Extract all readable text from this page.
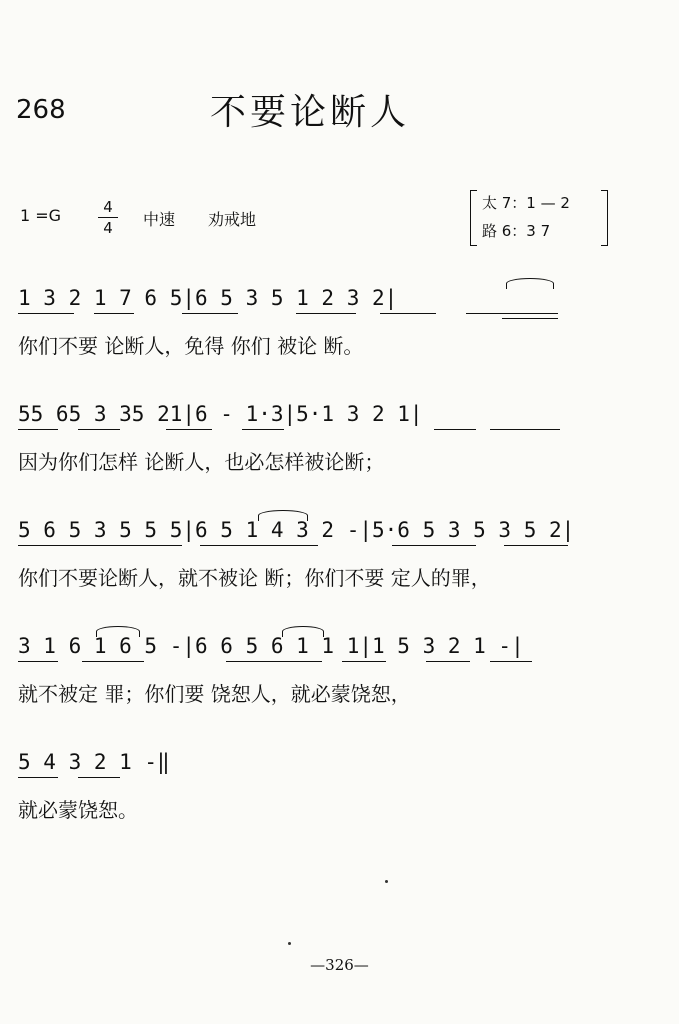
268	不要论断人
1 =G	4
4	中速 劝戒地
太 7：1 — 2
路 6：3 7
1 3 2 1 7 6 5|6 5 3 5 1 2 3 2|
你们不要 论断人，免得 你们 被论 断。
55 65 3 35 21|6 - 1·3|5·1 3 2 1|
因为你们怎样 论断人，也必怎样被论断；
5 6 5 3 5 5 5|6 5 1 4 3 2 -|5·6 5 3 5 3 5 2|
你们不要论断人，就不被论 断；你们不要 定人的罪，
3 1 6 1 6 5 -|6 6 5 6 1 1 1|1 5 3 2 1 -|
就不被定 罪；你们要 饶恕人，就必蒙饶恕，
5 4 3 2 1 -‖
就必蒙饶恕。
—326—
